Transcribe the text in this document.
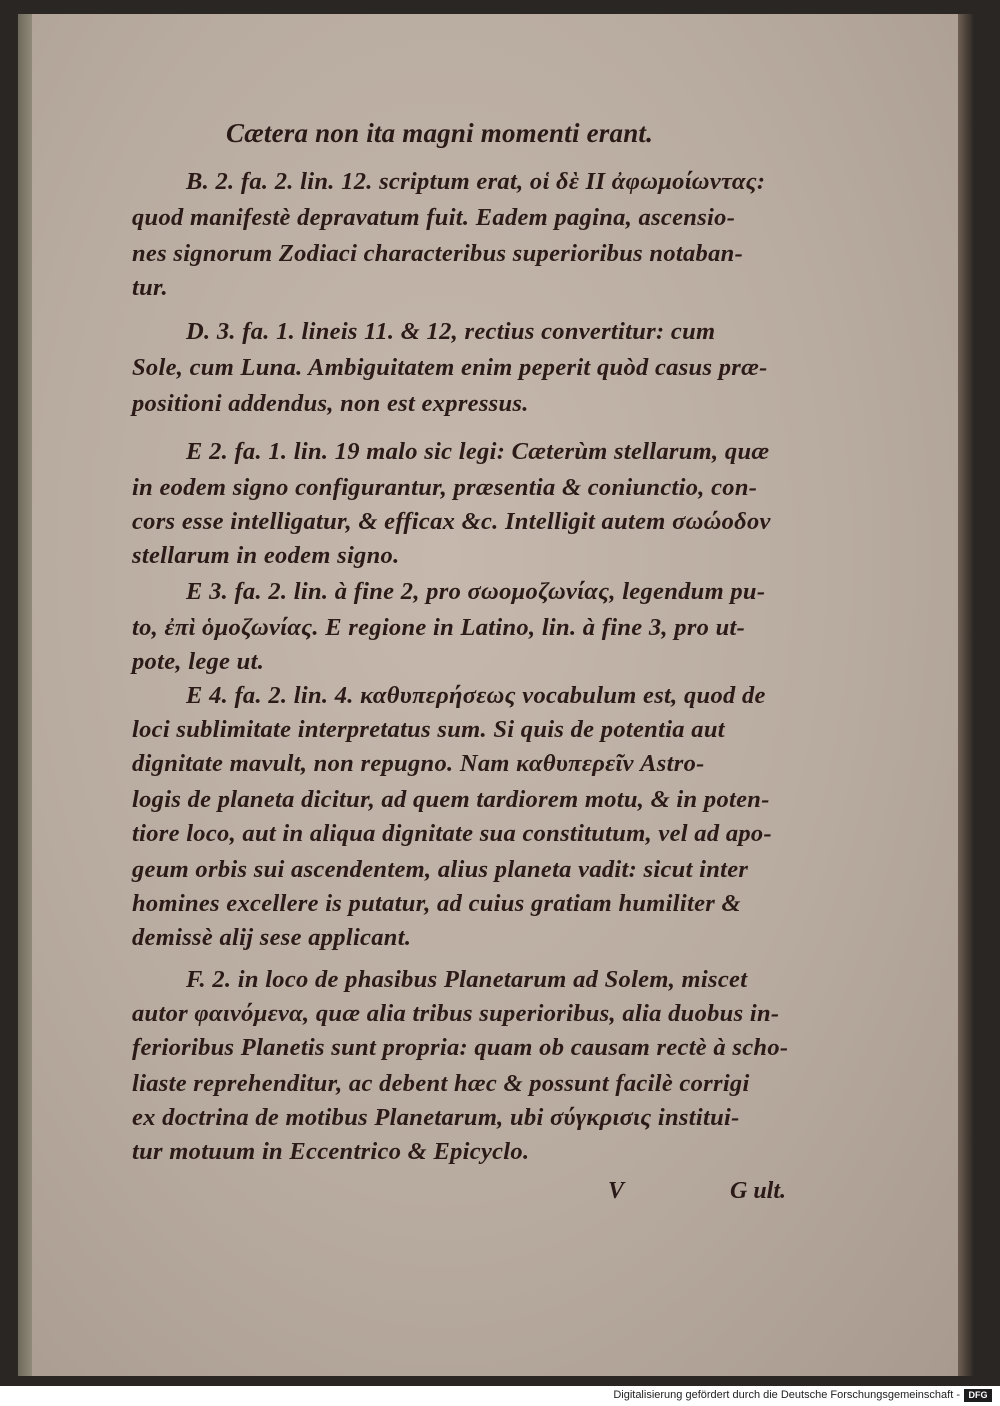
Cætera non ita magni momenti erant.
B. 2. fa. 2. lin. 12. scriptum erat, οἱ δὲ II ἀφωμοίωντας:
quod manifestè depravatum fuit. Eadem pagina, ascensio-
nes signorum Zodiaci characteribus superioribus notaban-
tur.
D. 3. fa. 1. lineis 11. & 12, rectius convertitur: cum
Sole, cum Luna. Ambiguitatem enim peperit quòd casus præ-
positioni addendus, non est expressus.
E 2. fa. 1. lin. 19 malo sic legi: Cæterùm stellarum, quæ
in eodem signo configurantur, præsentia & coniunctio, con-
cors esse intelligatur, & efficax &c. Intelligit autem σωώοδον
stellarum in eodem signo.
E 3. fa. 2. lin. à fine 2, pro σωομοζωνίας, legendum pu-
to, ἐπὶ ὁμοζωνίας. E regione in Latino, lin. à fine 3, pro ut-
pote, lege ut.
E 4. fa. 2. lin. 4. καθυπερήσεως vocabulum est, quod de
loci sublimitate interpretatus sum. Si quis de potentia aut
dignitate mavult, non repugno. Nam καθυπερεῖν Astro-
logis de planeta dicitur, ad quem tardiorem motu, & in poten-
tiore loco, aut in aliqua dignitate sua constitutum, vel ad apo-
geum orbis sui ascendentem, alius planeta vadit: sicut inter
homines excellere is putatur, ad cuius gratiam humiliter &
demissè alij sese applicant.
F. 2. in loco de phasibus Planetarum ad Solem, miscet
autor φαινόμενα, quæ alia tribus superioribus, alia duobus in-
ferioribus Planetis sunt propria: quam ob causam rectè à scho-
liaste reprehenditur, ac debent hæc & possunt facilè corrigi
ex doctrina de motibus Planetarum, ubi σύγκρισις institui-
tur motuum in Eccentrico & Epicyclo.
V	G ult.
Digitalisierung gefördert durch die Deutsche Forschungsgemeinschaft - DFG
